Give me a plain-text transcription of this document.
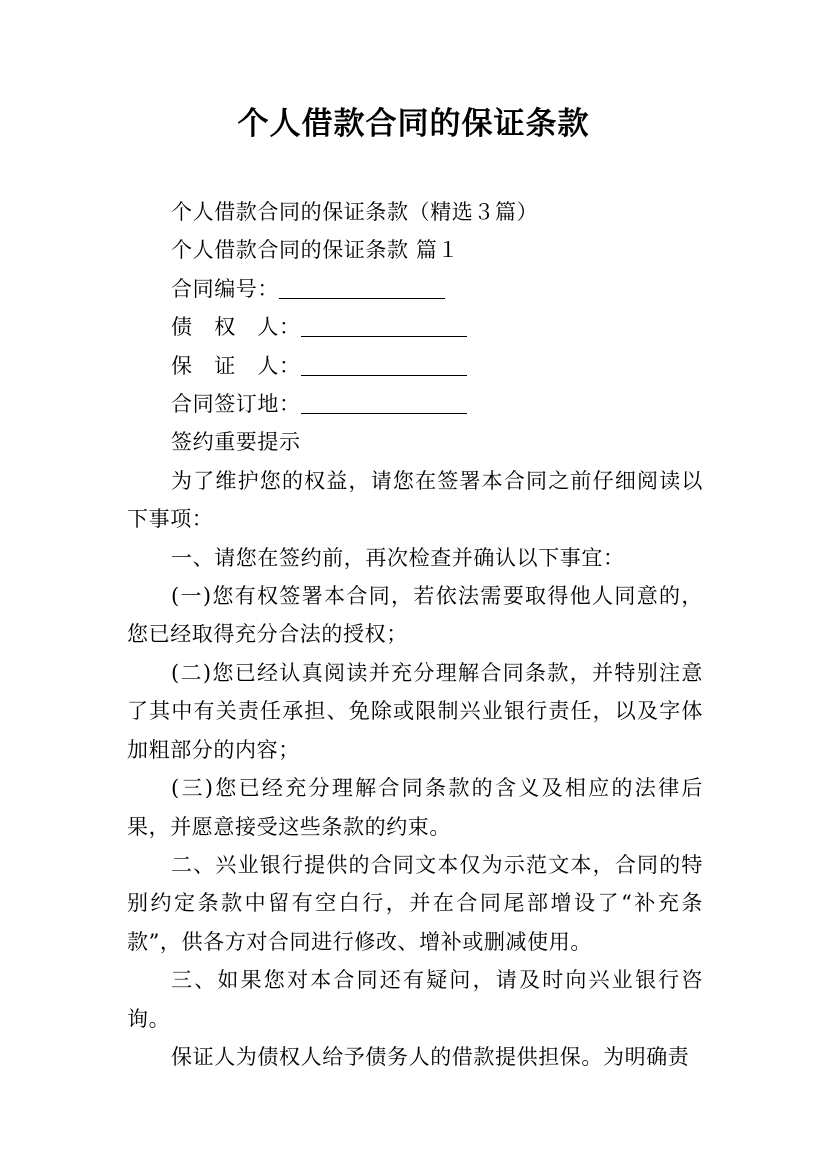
个人借款合同的保证条款

个人借款合同的保证条款（精选３篇）

个人借款合同的保证条款 篇１

合同编号：

债　权　人：

保　证　人：

合同签订地：

签约重要提示

为了维护您的权益，请您在签署本合同之前仔细阅读以下事项：

一、请您在签约前，再次检查并确认以下事宜：

(一)您有权签署本合同，若依法需要取得他人同意的，您已经取得充分合法的授权；

(二)您已经认真阅读并充分理解合同条款，并特别注意了其中有关责任承担、免除或限制兴业银行责任，以及字体加粗部分的内容；

(三)您已经充分理解合同条款的含义及相应的法律后果，并愿意接受这些条款的约束。

二、兴业银行提供的合同文本仅为示范文本，合同的特别约定条款中留有空白行，并在合同尾部增设了“补充条款”，供各方对合同进行修改、增补或删减使用。

三、如果您对本合同还有疑问，请及时向兴业银行咨询。

保证人为债权人给予债务人的借款提供担保。为明确责
